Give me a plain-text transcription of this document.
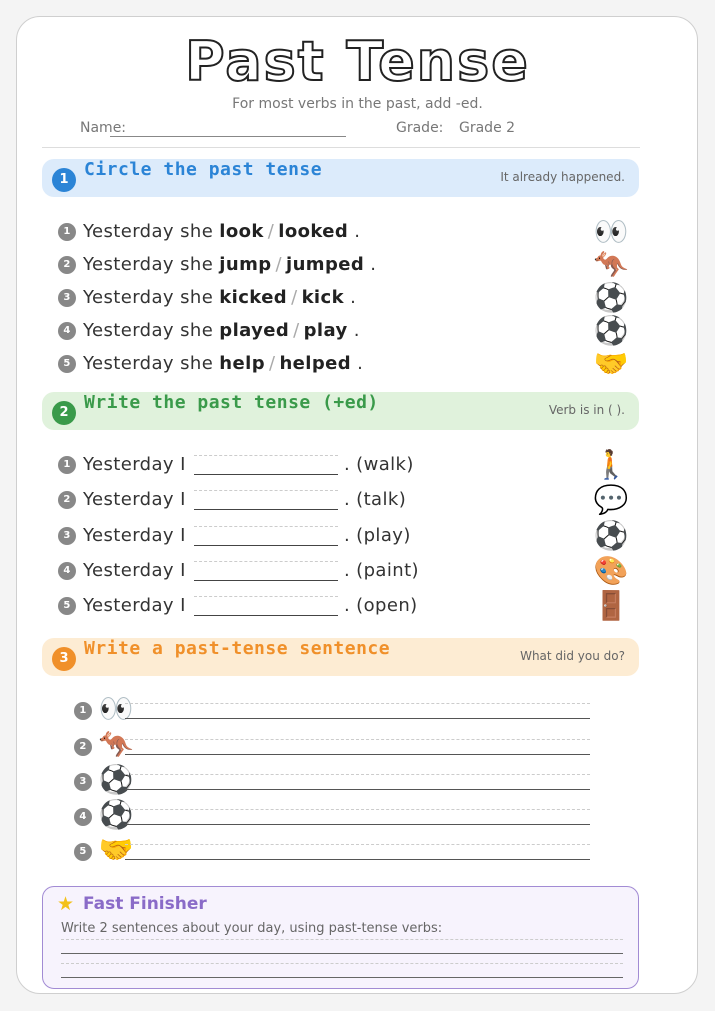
Past Tense
For most verbs in the past, add -ed.
Name:	Grade: Grade 2
1 Circle the past tense	It already happened.
1 Yesterday she look / looked .
2 Yesterday she jump / jumped .
3 Yesterday she kicked / kick .
4 Yesterday she played / play .
5 Yesterday she help / helped .
👀
🦘
⚽
⚽
🤝
2 Write the past tense (+ed)	Verb is in ( ).
1 Yesterday I	. (walk)
2 Yesterday I	. (talk)
3 Yesterday I	. (play)
4 Yesterday I	. (paint)
5 Yesterday I	. (open)
🚶
💬
⚽
🎨
🚪
3 Write a past-tense sentence	What did you do?
1 👀
2 🦘
3 ⚽
4 ⚽
5 🤝
★ Fast Finisher
Write 2 sentences about your day, using past-tense verbs:
